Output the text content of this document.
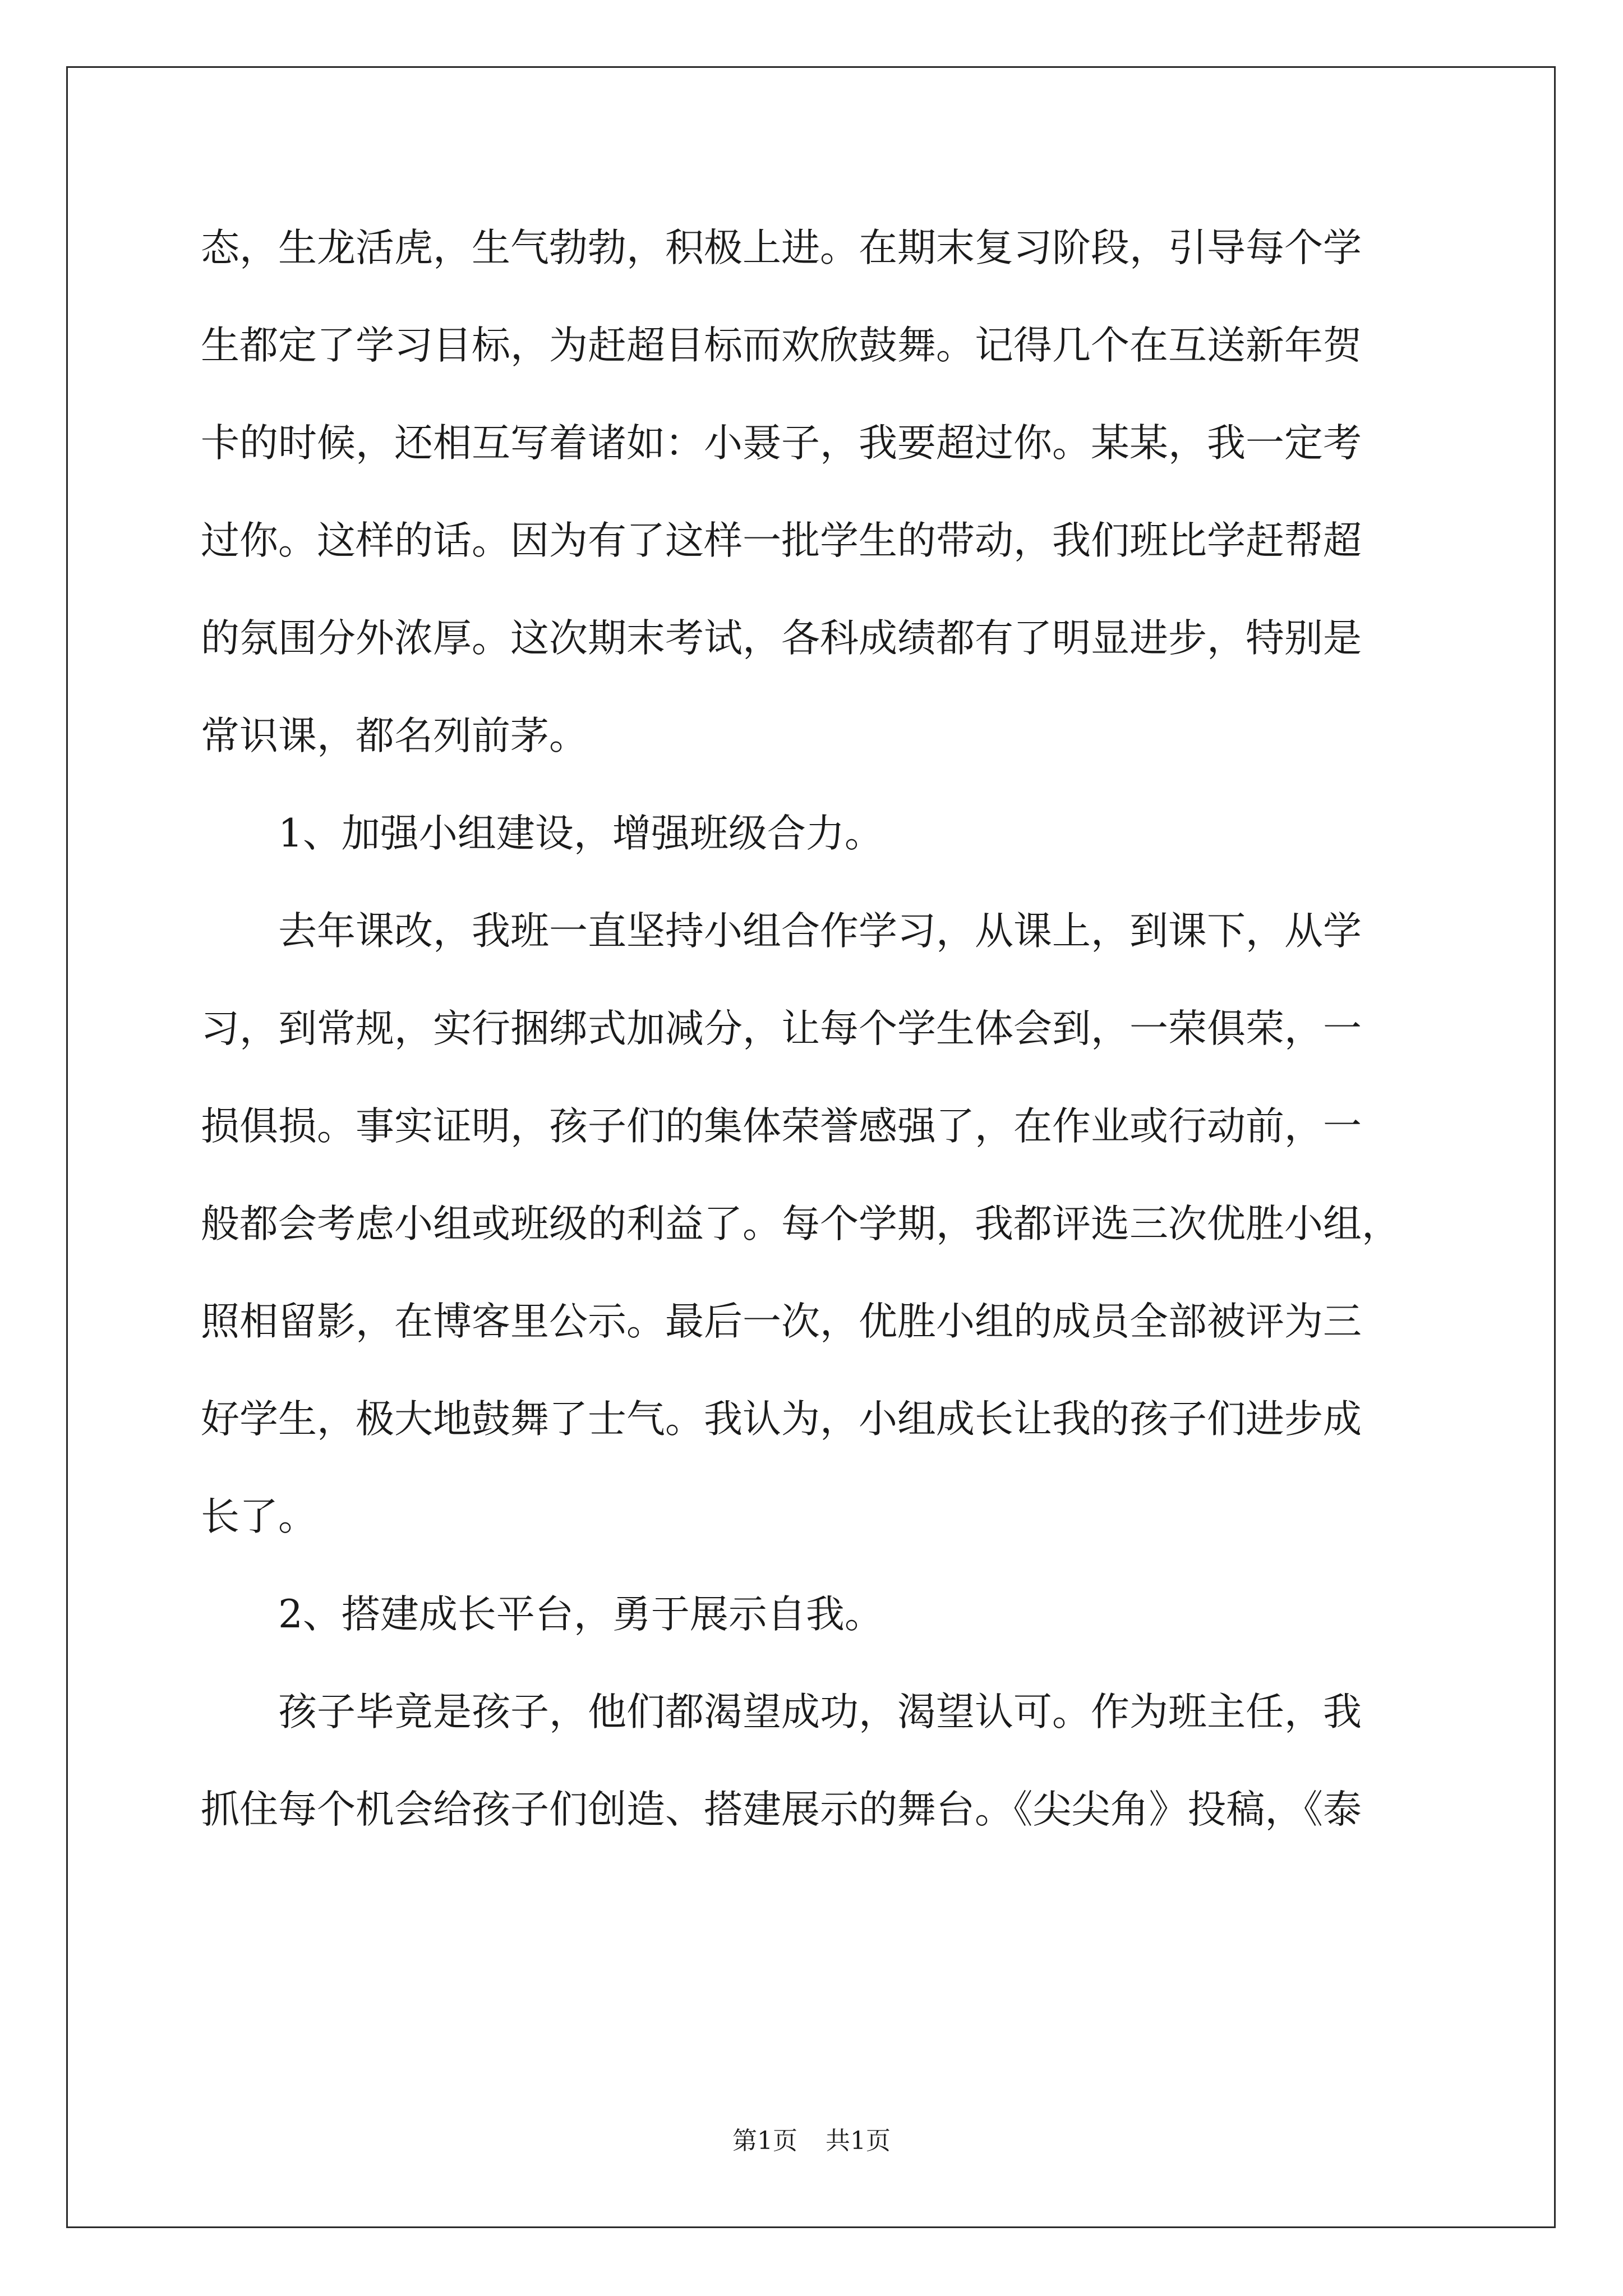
态，生龙活虎，生气勃勃，积极上进。在期末复习阶段，引导每个学
生都定了学习目标，为赶超目标而欢欣鼓舞。记得几个在互送新年贺
卡的时候，还相互写着诸如：小聂子，我要超过你。某某，我一定考
过你。这样的话。因为有了这样一批学生的带动，我们班比学赶帮超
的氛围分外浓厚。这次期末考试，各科成绩都有了明显进步，特别是
常识课，都名列前茅。
1、加强小组建设，增强班级合力。
去年课改，我班一直坚持小组合作学习，从课上，到课下，从学
习，到常规，实行捆绑式加减分，让每个学生体会到，一荣俱荣，一
损俱损。事实证明，孩子们的集体荣誉感强了，在作业或行动前，一
般都会考虑小组或班级的利益了。每个学期，我都评选三次优胜小组，
照相留影，在博客里公示。最后一次，优胜小组的成员全部被评为三
好学生，极大地鼓舞了士气。我认为，小组成长让我的孩子们进步成
长了。
2、搭建成长平台，勇于展示自我。
孩子毕竟是孩子，他们都渴望成功，渴望认可。作为班主任，我
抓住每个机会给孩子们创造、搭建展示的舞台。《尖尖角》投稿，《泰
第1页 共1页
